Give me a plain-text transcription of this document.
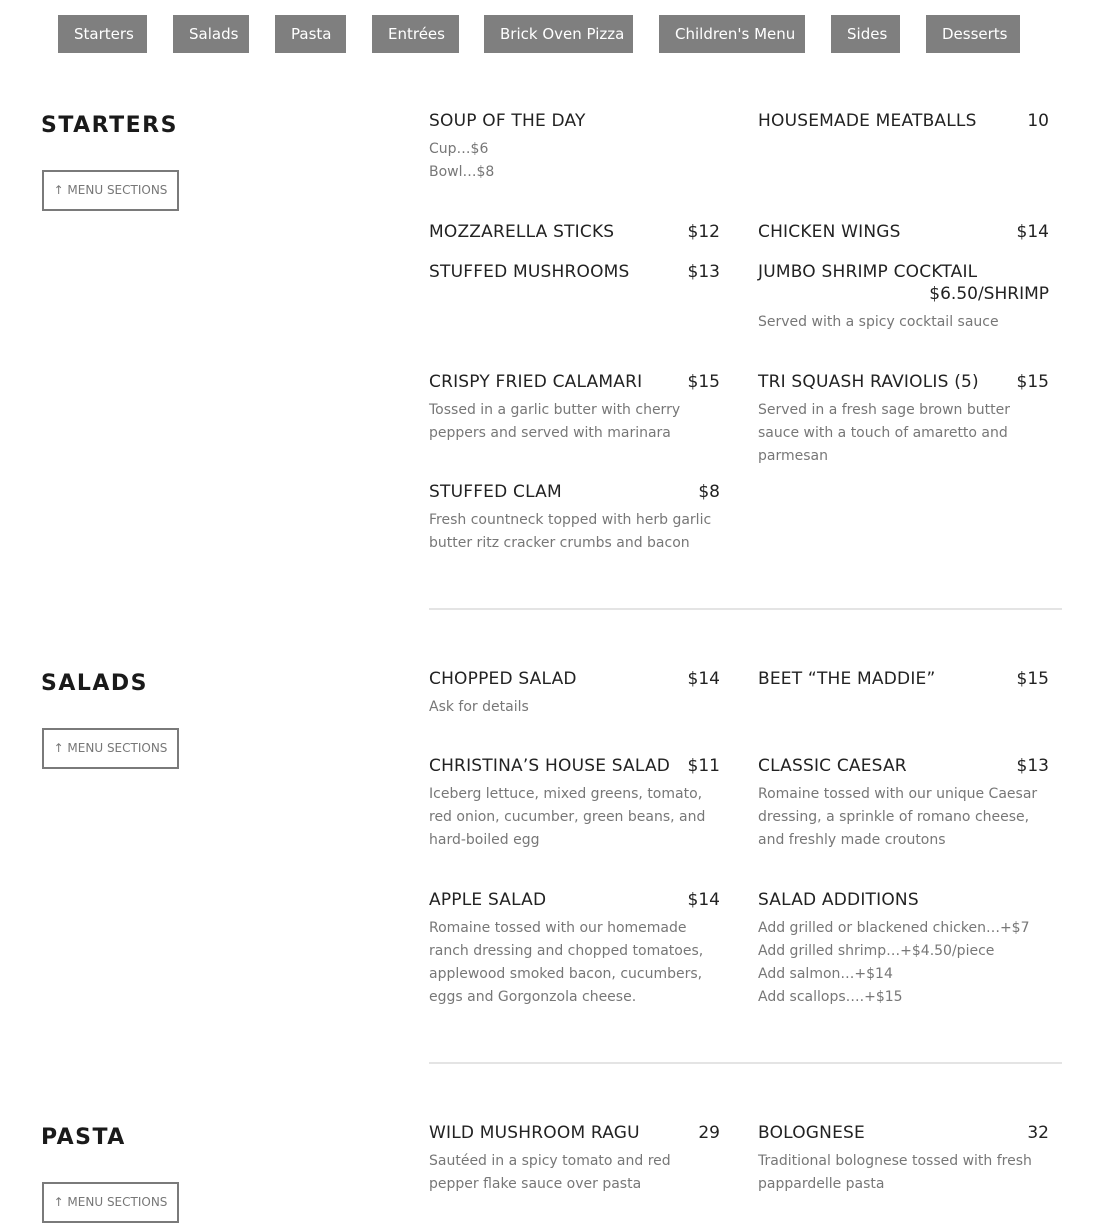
Starters	Salads	Pasta	Entrées	Brick Oven Pizza	Children's Menu	Sides	Desserts
STARTERS
↑ MENU SECTIONS
SOUP OF THE DAY
Cup…$6
Bowl…$8
HOUSEMADE MEATBALLS	10
MOZZARELLA STICKS	$12 CHICKEN WINGS	$14
STUFFED MUSHROOMS	$13 JUMBO SHRIMP COCKTAIL
$6.50/SHRIMP
Served with a spicy cocktail sauce
CRISPY FRIED CALAMARI	$15
Tossed in a garlic butter with cherry peppers and served with marinara
TRI SQUASH RAVIOLIS (5)	$15
Served in a fresh sage brown butter sauce with a touch of amaretto and parmesan
STUFFED CLAM	$8
Fresh countneck topped with herb garlic butter ritz cracker crumbs and bacon
SALADS
↑ MENU SECTIONS
CHOPPED SALAD	$14
Ask for details
BEET “THE MADDIE”	$15
CHRISTINA’S HOUSE SALAD	$11
Iceberg lettuce, mixed greens, tomato, red onion, cucumber, green beans, and hard-boiled egg
CLASSIC CAESAR	$13
Romaine tossed with our unique Caesar dressing, a sprinkle of romano cheese, and freshly made croutons
APPLE SALAD	$14
Romaine tossed with our homemade ranch dressing and chopped tomatoes, applewood smoked bacon, cucumbers, eggs and Gorgonzola cheese.
SALAD ADDITIONS
Add grilled or blackened chicken…+$7
Add grilled shrimp…+$4.50/piece
Add salmon…+$14
Add scallops….+$15
PASTA
↑ MENU SECTIONS
WILD MUSHROOM RAGU	29
Sautéed in a spicy tomato and red pepper flake sauce over pasta
BOLOGNESE	32
Traditional bolognese tossed with fresh pappardelle pasta
